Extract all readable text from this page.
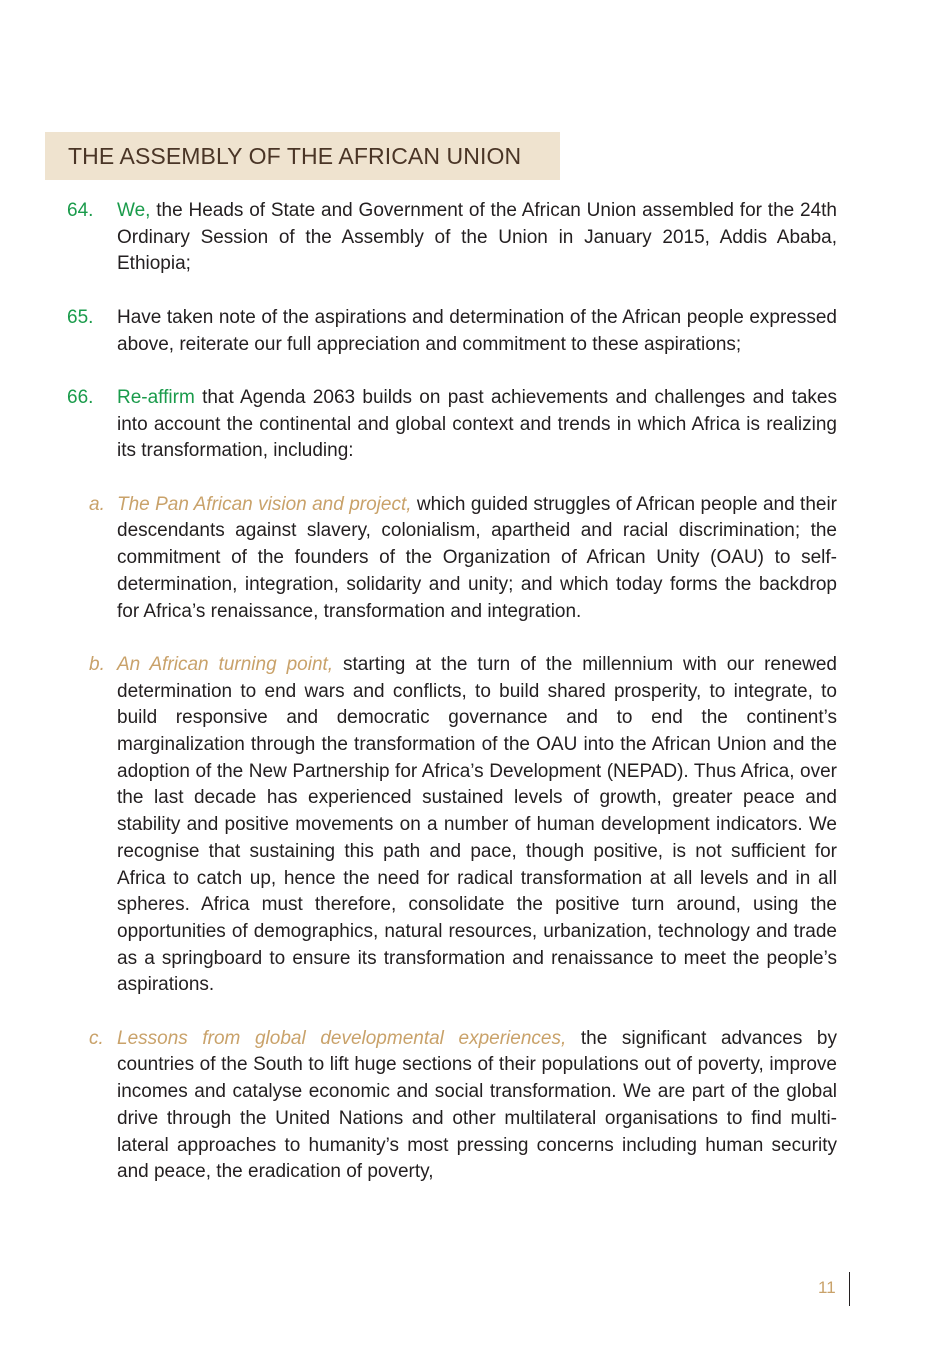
THE ASSEMBLY OF THE AFRICAN UNION
64. We, the Heads of State and Government of the African Union assembled for the 24th Ordinary Session of the Assembly of the Union in January 2015, Addis Ababa, Ethiopia;
65. Have taken note of the aspirations and determination of the African people expressed above, reiterate our full appreciation and commitment to these aspirations;
66. Re-affirm that Agenda 2063 builds on past achievements and challenges and takes into account the continental and global context and trends in which Africa is realizing its transformation, including:
a. The Pan African vision and project, which guided struggles of African people and their descendants against slavery, colonialism, apartheid and racial discrimination; the commitment of the founders of the Organization of African Unity (OAU) to self-determination, integration, solidarity and unity; and which today forms the backdrop for Africa’s renaissance, transformation and integration.
b. An African turning point, starting at the turn of the millennium with our renewed determination to end wars and conflicts, to build shared prosperity, to integrate, to build responsive and democratic governance and to end the continent’s marginalization through the transformation of the OAU into the African Union and the adoption of the New Partnership for Africa’s Development (NEPAD). Thus Africa, over the last decade has experienced sustained levels of growth, greater peace and stability and positive movements on a number of human development indicators. We recognise that sustaining this path and pace, though positive, is not sufficient for Africa to catch up, hence the need for radical transformation at all levels and in all spheres. Africa must therefore, consolidate the positive turn around, using the opportunities of demographics, natural resources, urbanization, technology and trade as a springboard to ensure its transformation and renaissance to meet the people’s aspirations.
c. Lessons from global developmental experiences, the significant advances by countries of the South to lift huge sections of their populations out of poverty, improve incomes and catalyse economic and social transformation. We are part of the global drive through the United Nations and other multilateral organisations to find multi-lateral approaches to humanity’s most pressing concerns including human security and peace, the eradication of poverty,
11
